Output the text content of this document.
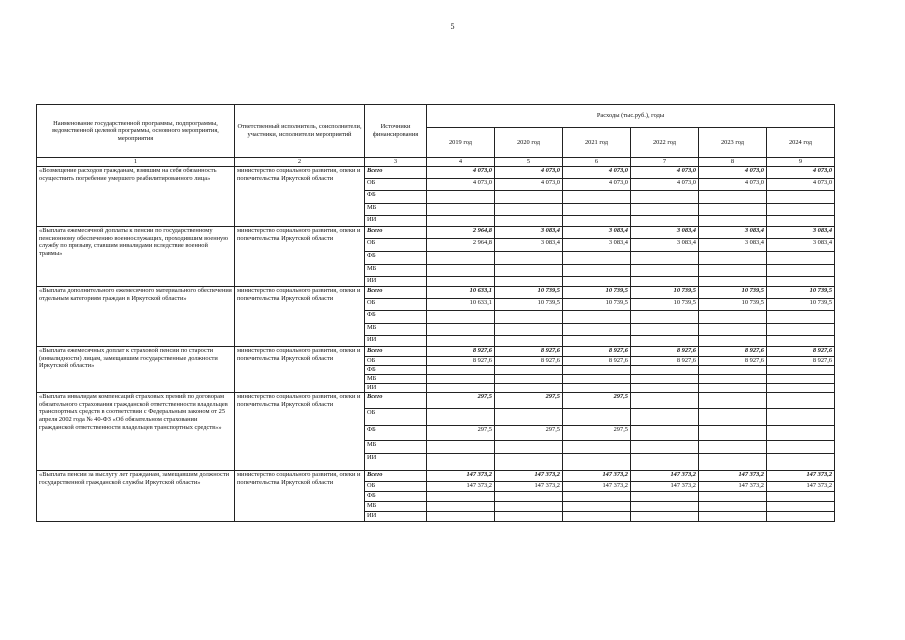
5
Наименование государственной программы, подпрограммы, ведомственной целевой программы, основного мероприятия, мероприятия	Ответственный исполнитель, соисполнители, участники, исполнители мероприятий	Источники финансирования	Расходы (тыс.руб.), годы					
			2019 год	2020 год	2021 год	2022 год	2023 год	2024 год
1	2	3	4	5	6	7	8	9
«Возмещение расходов гражданам, взявшим на себя обязанность осуществить погребение умершего реабилитированного лица»	министерство социального развития, опеки и попечительства Иркутской области	Всего	4 073,0	4 073,0	4 073,0	4 073,0	4 073,0	4 073,0
		ОБ	4 073,0	4 073,0	4 073,0	4 073,0	4 073,0	4 073,0
		ФБ						
		МБ						
		ИИ						
«Выплата ежемесячной доплаты к пенсии по государственному пенсионному обеспечению военнослужащих, проходившим военную службу по призыву, ставшим инвалидами вследствие военной травмы»	министерство социального развития, опеки и попечительства Иркутской области	Всего	2 964,8	3 083,4	3 083,4	3 083,4	3 083,4	3 083,4
		ОБ	2 964,8	3 083,4	3 083,4	3 083,4	3 083,4	3 083,4
		ФБ						
		МБ						
		ИИ						
«Выплата дополнительного ежемесячного материального обеспечения отдельным категориям граждан в Иркутской области»	министерство социального развития, опеки и попечительства Иркутской области	Всего	10 633,1	10 739,5	10 739,5	10 739,5	10 739,5	10 739,5
		ОБ	10 633,1	10 739,5	10 739,5	10 739,5	10 739,5	10 739,5
		ФБ						
		МБ						
		ИИ						
«Выплата ежемесячных доплат к страховой пенсии по старости (инвалидности) лицам, замещавшим государственные должности Иркутской области»	министерство социального развития, опеки и попечительства Иркутской области	Всего	8 927,6	8 927,6	8 927,6	8 927,6	8 927,6	8 927,6
		ОБ	8 927,6	8 927,6	8 927,6	8 927,6	8 927,6	8 927,6
		ФБ						
		МБ						
		ИИ						
«Выплата инвалидам компенсаций страховых премий по договорам обязательного страхования гражданской ответственности владельцев транспортных средств в соответствии с Федеральным законом от 25 апреля 2002 года № 40-ФЗ «Об обязательном страховании гражданской ответственности владельцев транспортных средств»»	министерство социального развития, опеки и попечительства Иркутской области	Всего	297,5	297,5	297,5			
		ОБ						
		ФБ	297,5	297,5	297,5			
		МБ						
		ИИ						
«Выплата пенсии за выслугу лет гражданам, замещавшим должности государственной гражданской службы Иркутской области»	министерство социального развития, опеки и попечительства Иркутской области	Всего	147 373,2	147 373,2	147 373,2	147 373,2	147 373,2	147 373,2
		ОБ	147 373,2	147 373,2	147 373,2	147 373,2	147 373,2	147 373,2
		ФБ						
		МБ						
		ИИ						
